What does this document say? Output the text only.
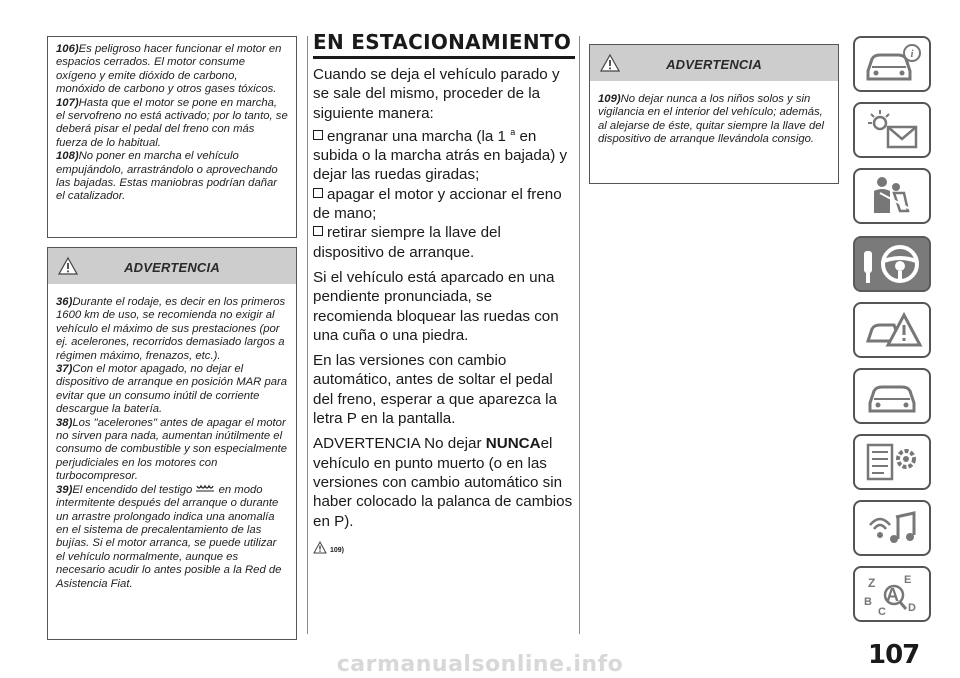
106)Es peligroso hacer funcionar el motor en espacios cerrados. El motor consume oxígeno y emite dióxido de carbono, monóxido de carbono y otros gases tóxicos.
107)Hasta que el motor se pone en marcha, el servofreno no está activado; por lo tanto, se deberá pisar el pedal del freno con más fuerza de lo habitual.
108)No poner en marcha el vehículo empujándolo, arrastrándolo o aprovechando las bajadas. Estas maniobras podrían dañar el catalizador.
ADVERTENCIA
36)Durante el rodaje, es decir en los primeros 1600 km de uso, se recomienda no exigir al vehículo el máximo de sus prestaciones (por ej. acelerones, recorridos demasiado largos a régimen máximo, frenazos, etc.).
37)Con el motor apagado, no dejar el dispositivo de arranque en posición MAR para evitar que un consumo inútil de corriente descargue la batería.
38)Los "acelerones" antes de apagar el motor no sirven para nada, aumentan inútilmente el consumo de combustible y son especialmente perjudiciales en los motores con turbocompresor.
39)El encendido del testigo en modo intermitente después del arranque o durante un arrastre prolongado indica una anomalía en el sistema de precalentamiento de las bujías. Si el motor arranca, se puede utilizar el vehículo normalmente, aunque es necesario acudir lo antes posible a la Red de Asistencia Fiat.
EN ESTACIONAMIENTO

Cuando se deja el vehículo parado y se sale del mismo, proceder de la siguiente manera:

engranar una marcha (la 1 $^a$ en subida o la marcha atrás en bajada) y dejar las ruedas giradas;
apagar el motor y accionar el freno de mano;
retirar siempre la llave del dispositivo de arranque.

Si el vehículo está aparcado en una pendiente pronunciada, se recomienda bloquear las ruedas con una cuña o una piedra.

En las versiones con cambio automático, antes de soltar el pedal del freno, esperar a que aparezca la letra P en la pantalla.

ADVERTENCIA No dejar NUNCAel vehículo en punto muerto (o en las versiones con cambio automático sin haber colocado la palanca de cambios en P).

109)
ADVERTENCIA
109)No dejar nunca a los niños solos y sin vigilancia en el interior del vehículo; además, al alejarse de éste, quitar siempre la llave del dispositivo de arranque llevándola consigo.
i
Z	E
A
B	D
C
107
carmanualsonline.info
